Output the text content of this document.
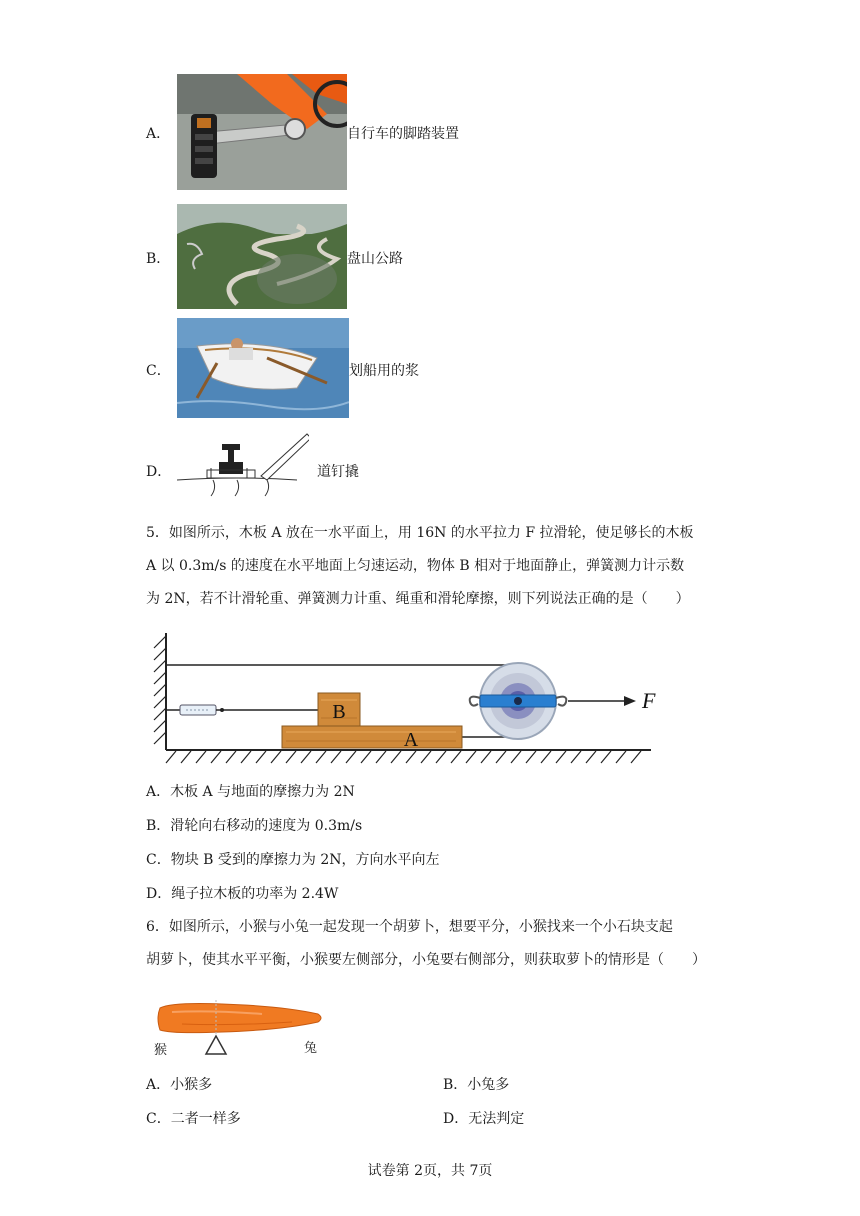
A．	自行车的脚踏装置
B．	盘山公路
C．	划船用的浆
D．	道钉撬
5．如图所示，木板 A 放在一水平面上，用 16N 的水平拉力 F 拉滑轮，使足够长的木板
A 以 0.3m/s 的速度在水平地面上匀速运动，物体 B 相对于地面静止，弹簧测力计示数
为 2N，若不计滑轮重、弹簧测力计重、绳重和滑轮摩擦，则下列说法正确的是（　　）
B
A
F
A．木板 A 与地面的摩擦力为 2N
B．滑轮向右移动的速度为 0.3m/s
C．物块 B 受到的摩擦力为 2N，方向水平向左
D．绳子拉木板的功率为 2.4W
6．如图所示，小猴与小兔一起发现一个胡萝卜，想要平分，小猴找来一个小石块支起
胡萝卜，使其水平平衡，小猴要左侧部分，小兔要右侧部分，则获取萝卜的情形是（　　）
猴	兔
A．小猴多	B．小兔多
C．二者一样多	D．无法判定
试卷第 2页，共 7页
